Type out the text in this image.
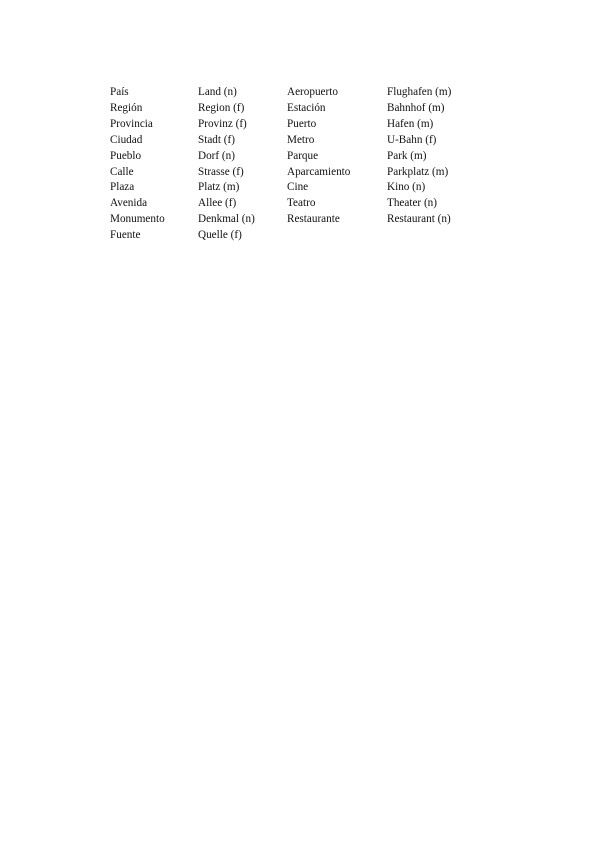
País	Land (n)	Aeropuerto	Flughafen (m)
Región	Region (f)	Estación	Bahnhof (m)
Provincia	Provinz (f)	Puerto	Hafen (m)
Ciudad	Stadt (f)	Metro	U-Bahn (f)
Pueblo	Dorf (n)	Parque	Park (m)
Calle	Strasse (f)	Aparcamiento	Parkplatz (m)
Plaza	Platz (m)	Cine	Kino (n)
Avenida	Allee (f)	Teatro	Theater (n)
Monumento	Denkmal (n)	Restaurante	Restaurant (n)
Fuente	Quelle (f)		
